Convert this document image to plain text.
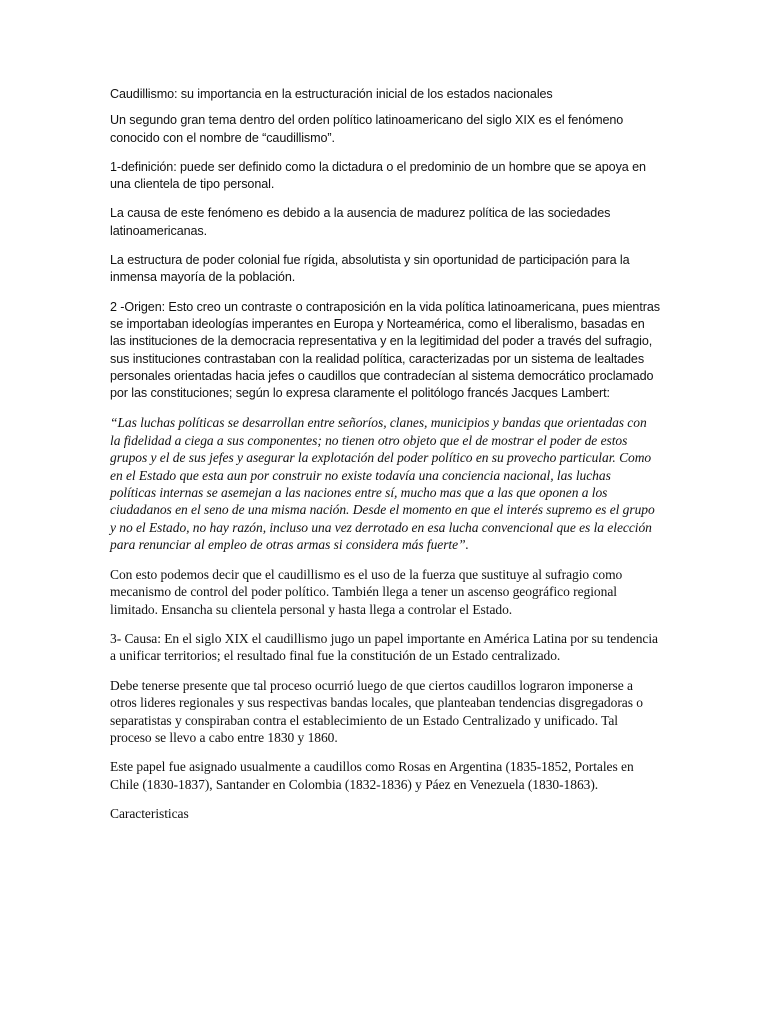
Caudillismo: su importancia en la estructuración inicial de los estados nacionales

Un segundo gran tema dentro del orden político latinoamericano del siglo XIX es el fenómeno conocido con el nombre de “caudillismo”.

1-definición: puede ser definido como la dictadura o el predominio de un hombre que se apoya en una clientela de tipo personal.

La causa de este fenómeno es debido a la ausencia de madurez política de las sociedades latinoamericanas.

La estructura de poder colonial fue rígida, absolutista y sin oportunidad de participación para la inmensa mayoría de la población.

2 -Origen: Esto creo un contraste o contraposición en la vida política latinoamericana, pues mientras se importaban ideologías imperantes en Europa y Norteamérica, como el liberalismo, basadas en las instituciones de la democracia representativa y en la legitimidad del poder a través del sufragio, sus instituciones contrastaban con la realidad política, caracterizadas por un sistema de lealtades personales orientadas hacia jefes o caudillos que contradecían al sistema democrático proclamado por las constituciones; según lo expresa claramente el politólogo francés Jacques Lambert:

“Las luchas políticas se desarrollan entre señoríos, clanes, municipios y bandas que orientadas con la fidelidad a ciega a sus componentes; no tienen otro objeto que el de mostrar el poder de estos grupos y el de sus jefes y asegurar la explotación del poder político en su provecho particular. Como en el Estado que esta aun por construir no existe todavía una conciencia nacional, las luchas políticas internas se asemejan a las naciones entre sí, mucho mas que a las que oponen a los ciudadanos en el seno de una misma nación. Desde el momento en que el interés supremo es el grupo y no el Estado, no hay razón, incluso una vez derrotado en esa lucha convencional que es la elección para renunciar al empleo de otras armas si considera más fuerte”.

Con esto podemos decir que el caudillismo es el uso de la fuerza que sustituye al sufragio como mecanismo de control del poder político. También llega a tener un ascenso geográfico regional limitado. Ensancha su clientela personal y hasta llega a controlar el Estado.

3- Causa: En el siglo XIX el caudillismo jugo un papel importante en América Latina por su tendencia a unificar territorios; el resultado final fue la constitución de un Estado centralizado.

Debe tenerse presente que tal proceso ocurrió luego de que ciertos caudillos lograron imponerse a otros lideres regionales y sus respectivas bandas locales, que planteaban tendencias disgregadoras o separatistas y conspiraban contra el establecimiento de un Estado Centralizado y unificado. Tal proceso se llevo a cabo entre 1830 y 1860.

Este papel fue asignado usualmente a caudillos como Rosas en Argentina (1835-1852, Portales en Chile (1830-1837), Santander en Colombia (1832-1836) y Páez en Venezuela (1830-1863).

Caracteristicas
